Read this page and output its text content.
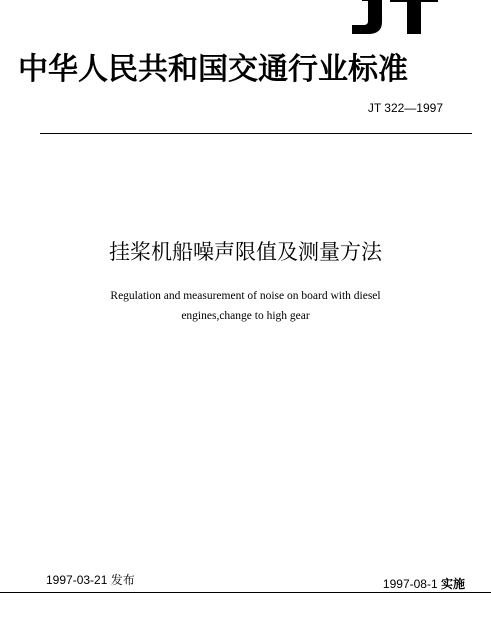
中华人民共和国交通行业标准
JT 322—1997
挂桨机船噪声限值及测量方法
Regulation and measurement of noise on board with diesel
engines,change to high gear
1997-03-21 发布	1997-08-1 实施
